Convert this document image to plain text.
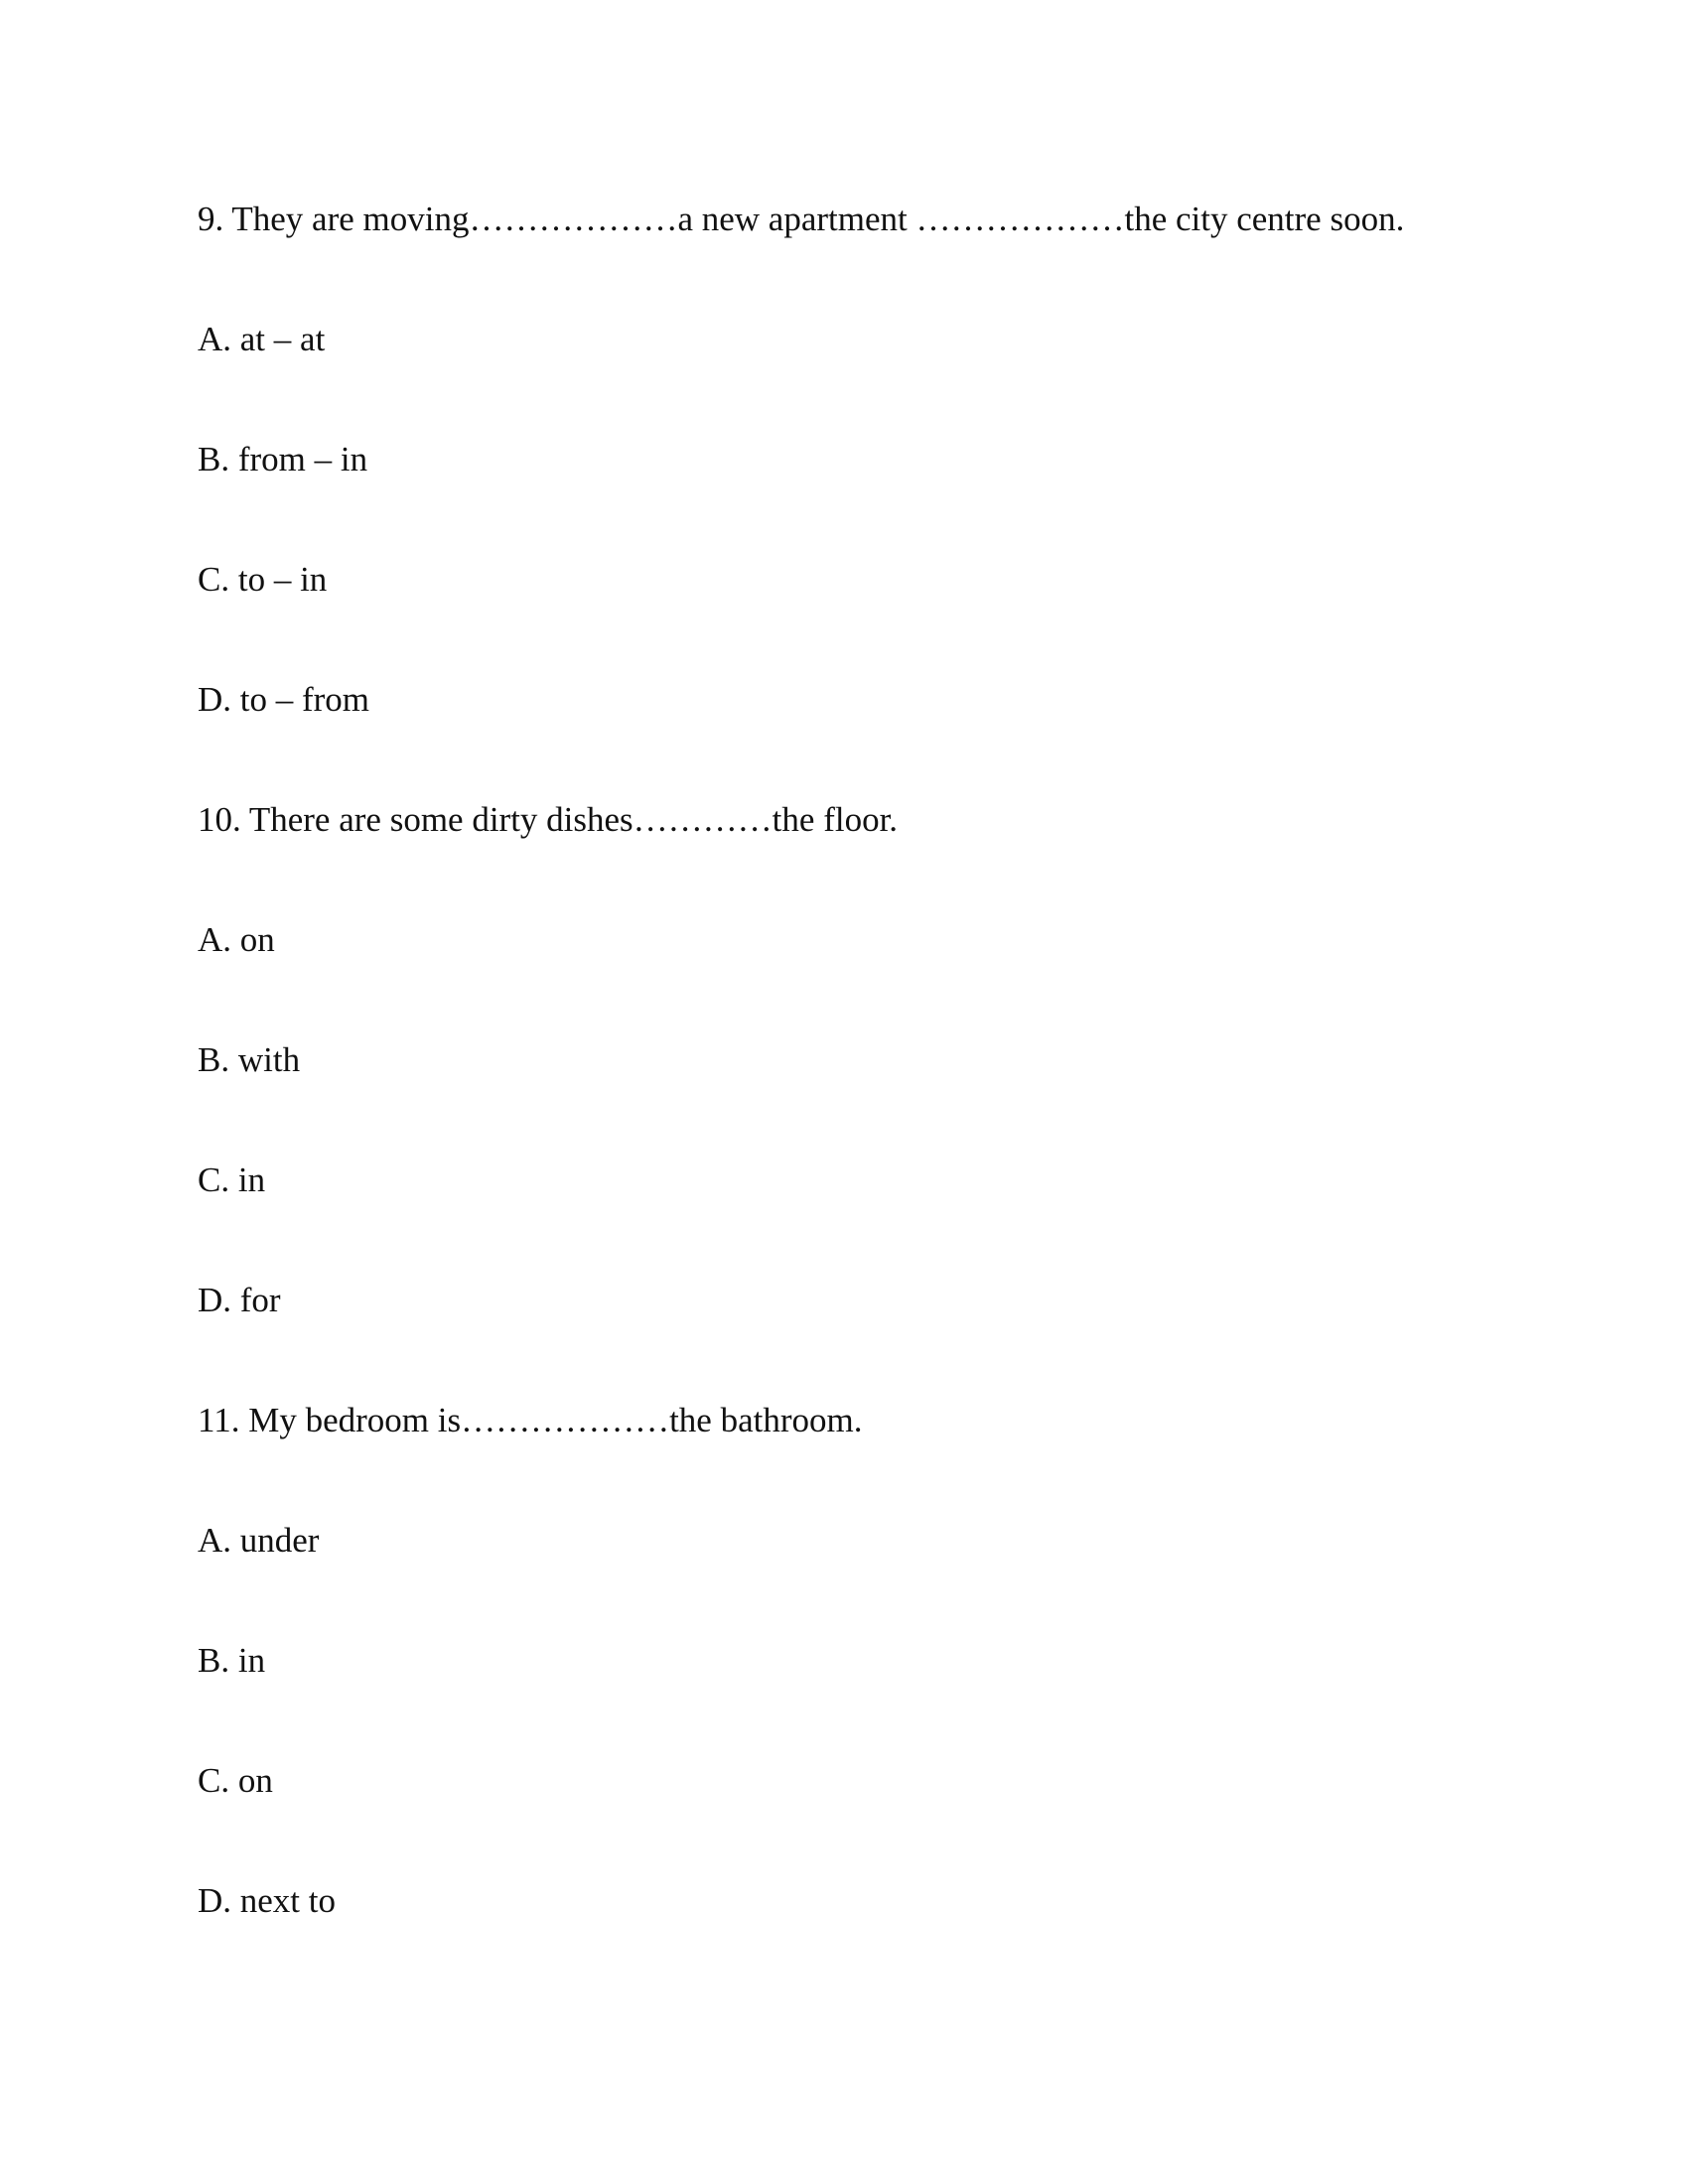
9. They are moving………………a new apartment ………………the city centre soon.
A. at – at
B. from – in
C. to – in
D. to – from
10. There are some dirty dishes…………the floor.
A. on
B. with
C. in
D. for
11. My bedroom is………………the bathroom.
A. under
B. in
C. on
D. next to
